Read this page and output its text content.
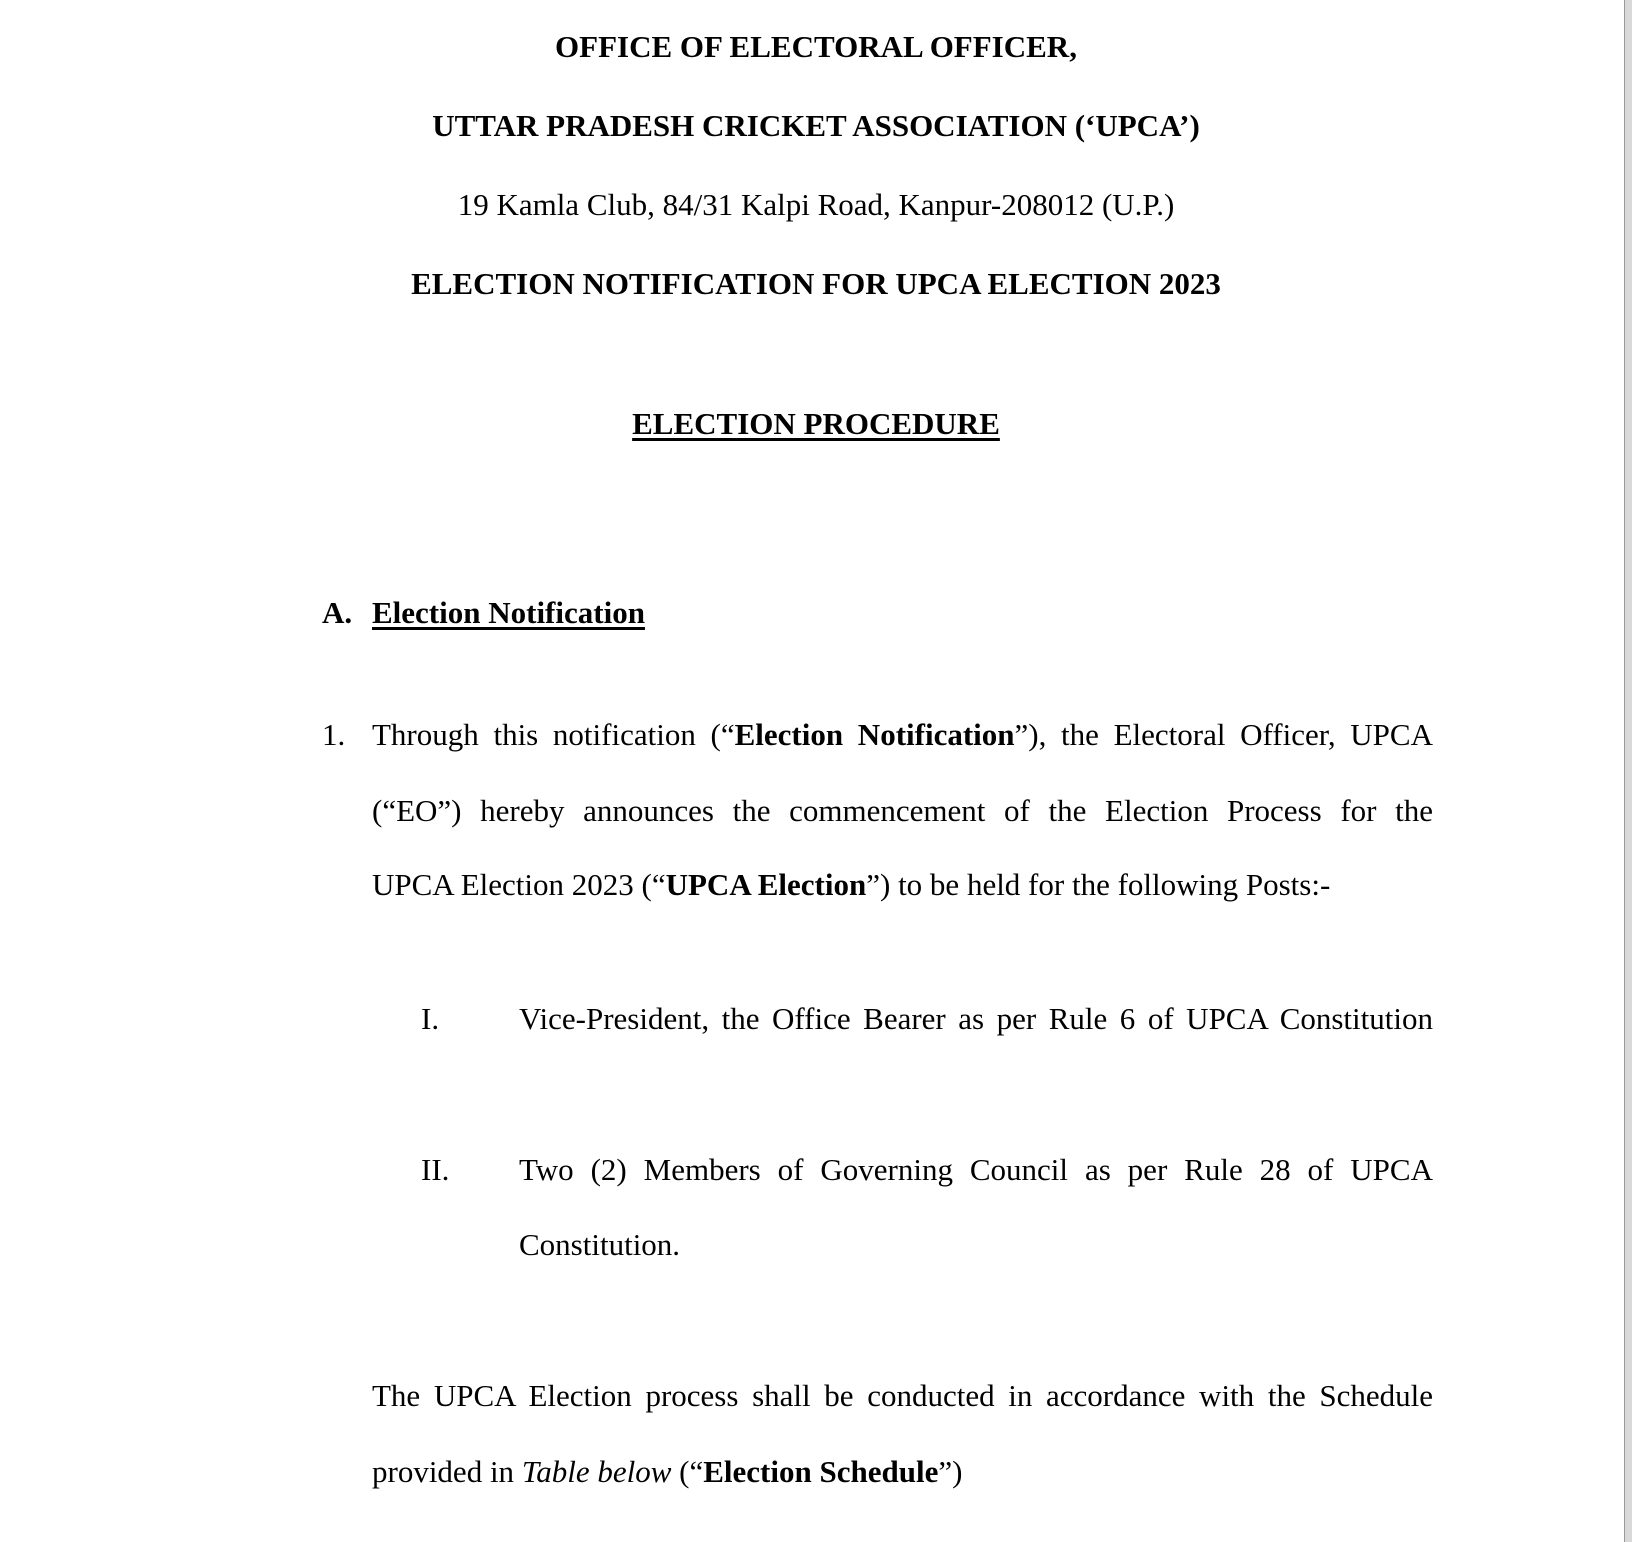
OFFICE OF ELECTORAL OFFICER,
UTTAR PRADESH CRICKET ASSOCIATION (‘UPCA’)
19 Kamla Club, 84/31 Kalpi Road, Kanpur-208012 (U.P.)
ELECTION NOTIFICATION FOR UPCA ELECTION 2023
ELECTION PROCEDURE
A. Election Notification
1. Through this notification (“Election Notification”), the Electoral Officer, UPCA
(“EO”) hereby announces the commencement of the Election Process for the
UPCA Election 2023 (“UPCA Election”) to be held for the following Posts:-
I.	Vice-President, the Office Bearer as per Rule 6 of UPCA Constitution
II. Two (2) Members of Governing Council as per Rule 28 of UPCA
Constitution.
The UPCA Election process shall be conducted in accordance with the Schedule
provided in Table below (“Election Schedule”)
